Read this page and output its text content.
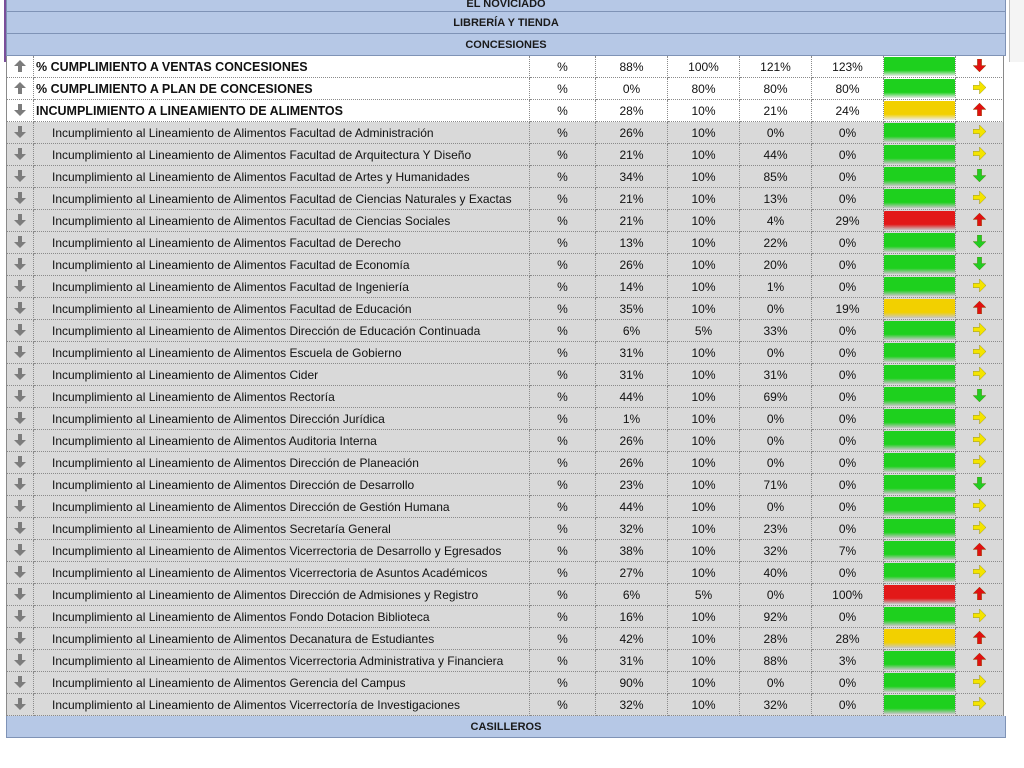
EL NOVICIADO
LIBRERÍA Y TIENDA
CONCESIONES
% CUMPLIMIENTO A VENTAS CONCESIONES	%	88%	100%	121%	123%
% CUMPLIMIENTO A PLAN DE CONCESIONES	%	0%	80%	80%	80%
INCUMPLIMIENTO A LINEAMIENTO DE ALIMENTOS	%	28%	10%	21%	24%
Incumplimiento al Lineamiento de Alimentos Facultad de Administración	%	26%	10%	0%	0%
Incumplimiento al Lineamiento de Alimentos Facultad de Arquitectura Y Diseño	%	21%	10%	44%	0%
Incumplimiento al Lineamiento de Alimentos Facultad de Artes y Humanidades	%	34%	10%	85%	0%
Incumplimiento al Lineamiento de Alimentos Facultad de Ciencias Naturales y Exactas	%	21%	10%	13%	0%
Incumplimiento al Lineamiento de Alimentos Facultad de Ciencias Sociales	%	21%	10%	4%	29%
Incumplimiento al Lineamiento de Alimentos Facultad de Derecho	%	13%	10%	22%	0%
Incumplimiento al Lineamiento de Alimentos Facultad de Economía	%	26%	10%	20%	0%
Incumplimiento al Lineamiento de Alimentos Facultad de Ingeniería	%	14%	10%	1%	0%
Incumplimiento al Lineamiento de Alimentos Facultad de Educación	%	35%	10%	0%	19%
Incumplimiento al Lineamiento de Alimentos Dirección de Educación Continuada	%	6%	5%	33%	0%
Incumplimiento al Lineamiento de Alimentos Escuela de Gobierno	%	31%	10%	0%	0%
Incumplimiento al Lineamiento de Alimentos Cider	%	31%	10%	31%	0%
Incumplimiento al Lineamiento de Alimentos Rectoría	%	44%	10%	69%	0%
Incumplimiento al Lineamiento de Alimentos Dirección Jurídica	%	1%	10%	0%	0%
Incumplimiento al Lineamiento de Alimentos Auditoria Interna	%	26%	10%	0%	0%
Incumplimiento al Lineamiento de Alimentos Dirección de Planeación	%	26%	10%	0%	0%
Incumplimiento al Lineamiento de Alimentos Dirección de Desarrollo	%	23%	10%	71%	0%
Incumplimiento al Lineamiento de Alimentos Dirección de Gestión Humana	%	44%	10%	0%	0%
Incumplimiento al Lineamiento de Alimentos Secretaría General	%	32%	10%	23%	0%
Incumplimiento al Lineamiento de Alimentos Vicerrectoria de Desarrollo y Egresados	%	38%	10%	32%	7%
Incumplimiento al Lineamiento de Alimentos Vicerrectoria de Asuntos Académicos	%	27%	10%	40%	0%
Incumplimiento al Lineamiento de Alimentos Dirección de Admisiones y Registro	%	6%	5%	0%	100%
Incumplimiento al Lineamiento de Alimentos Fondo Dotacion Biblioteca	%	16%	10%	92%	0%
Incumplimiento al Lineamiento de Alimentos Decanatura de Estudiantes	%	42%	10%	28%	28%
Incumplimiento al Lineamiento de Alimentos Vicerrectoria Administrativa y Financiera	%	31%	10%	88%	3%
Incumplimiento al Lineamiento de Alimentos Gerencia del Campus	%	90%	10%	0%	0%
Incumplimiento al Lineamiento de Alimentos Vicerrectoría de Investigaciones	%	32%	10%	32%	0%
CASILLEROS
